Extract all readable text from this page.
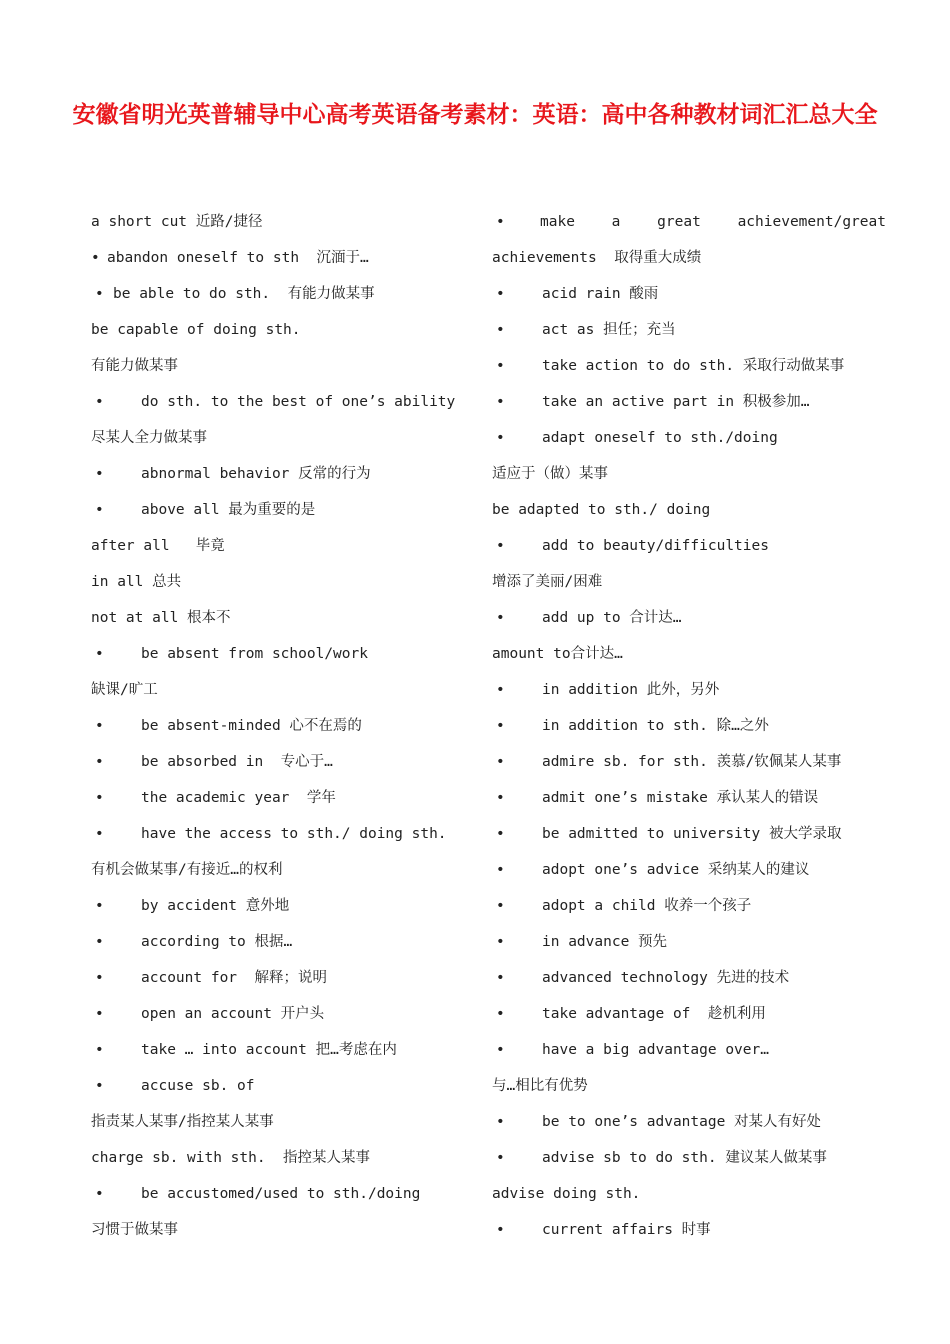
安徽省明光英普辅导中心高考英语备考素材：英语：高中各种教材词汇汇总大全
a short cut 近路/捷径
• abandon oneself to sth  沉湎于…
• be able to do sth.  有能力做某事
be capable of doing sth.
有能力做某事
•	do sth. to the best of one’s ability
尽某人全力做某事
•	abnormal behavior 反常的行为
•	above all 最为重要的是
after all   毕竟
in all 总共
not at all 根本不
•	be absent from school/work
缺课/旷工
•	be absent-minded 心不在焉的
•	be absorbed in  专心于…
•	the academic year  学年
•	have the access to sth./ doing sth.
有机会做某事/有接近…的权利
•	by accident 意外地
•	according to 根据…
•	account for  解释；说明
•	open an account 开户头
•	take … into account 把…考虑在内
•	accuse sb. of
指责某人某事/指控某人某事
charge sb. with sth.  指控某人某事
•	be accustomed/used to sth./doing
习惯于做某事
• make	a	great	achievement/great
achievements  取得重大成绩
•	acid rain 酸雨
•	act as 担任；充当
•	take action to do sth. 采取行动做某事
•	take an active part in 积极参加…
•	adapt oneself to sth./doing
适应于（做）某事
be adapted to sth./ doing
•	add to beauty/difficulties
增添了美丽/困难
•	add up to 合计达…
amount to合计达…
•	in addition 此外，另外
•	in addition to sth. 除…之外
•	admire sb. for sth. 羡慕/钦佩某人某事
•	admit one’s mistake 承认某人的错误
•	be admitted to university 被大学录取
•	adopt one’s advice 采纳某人的建议
•	adopt a child 收养一个孩子
•	in advance 预先
•	advanced technology 先进的技术
•	take advantage of  趁机利用
•	have a big advantage over…
与…相比有优势
•	be to one’s advantage 对某人有好处
•	advise sb to do sth. 建议某人做某事
advise doing sth.
•	current affairs 时事
